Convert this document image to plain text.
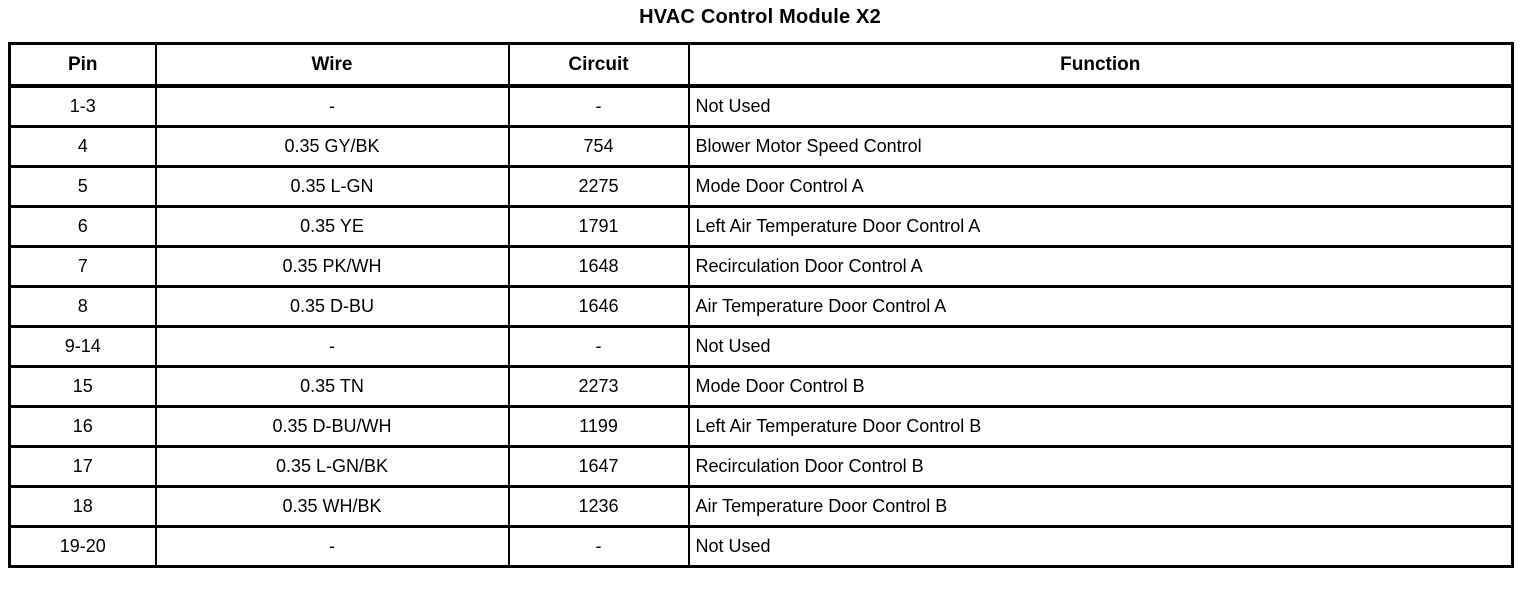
HVAC Control Module X2
Pin	Wire	Circuit	Function
1-3	-	-	Not Used
4	0.35 GY/BK	754	Blower Motor Speed Control
5	0.35 L-GN	2275	Mode Door Control A
6	0.35 YE	1791	Left Air Temperature Door Control A
7	0.35 PK/WH	1648	Recirculation Door Control A
8	0.35 D-BU	1646	Air Temperature Door Control A
9-14	-	-	Not Used
15	0.35 TN	2273	Mode Door Control B
16	0.35 D-BU/WH	1199	Left Air Temperature Door Control B
17	0.35 L-GN/BK	1647	Recirculation Door Control B
18	0.35 WH/BK	1236	Air Temperature Door Control B
19-20	-	-	Not Used
